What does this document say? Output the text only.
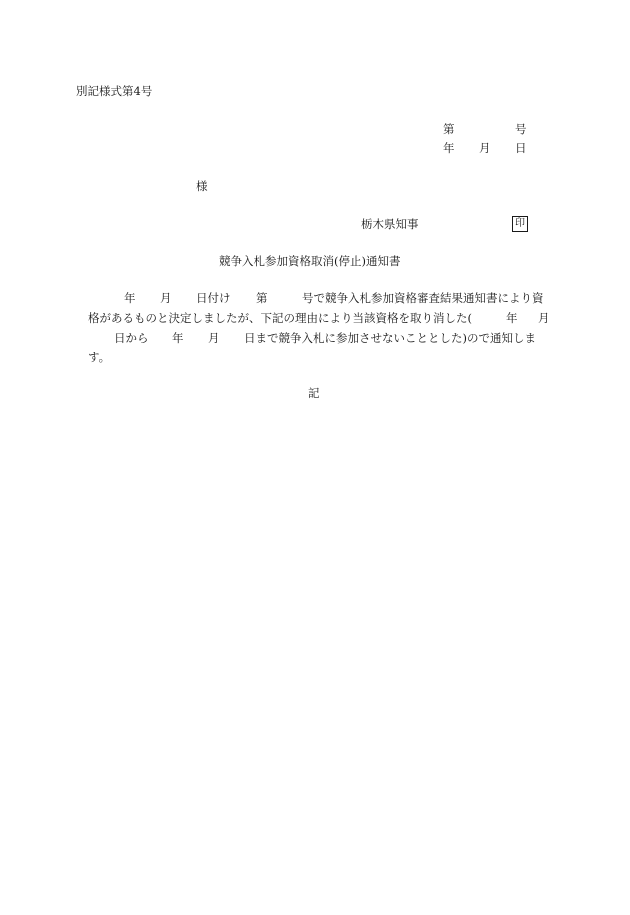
別記様式第4号
第	号
年 月 日
様
栃木県知事	印
競争入札参加資格取消(停止)通知書
年 月 日付け 第	号で競争入札参加資格審査結果通知書により資
格があるものと決定しましたが、下記の理由により当該資格を取り消した(	年 月
日から 年 月 日まで競争入札に参加させないこととした)ので通知しま
す。
記
